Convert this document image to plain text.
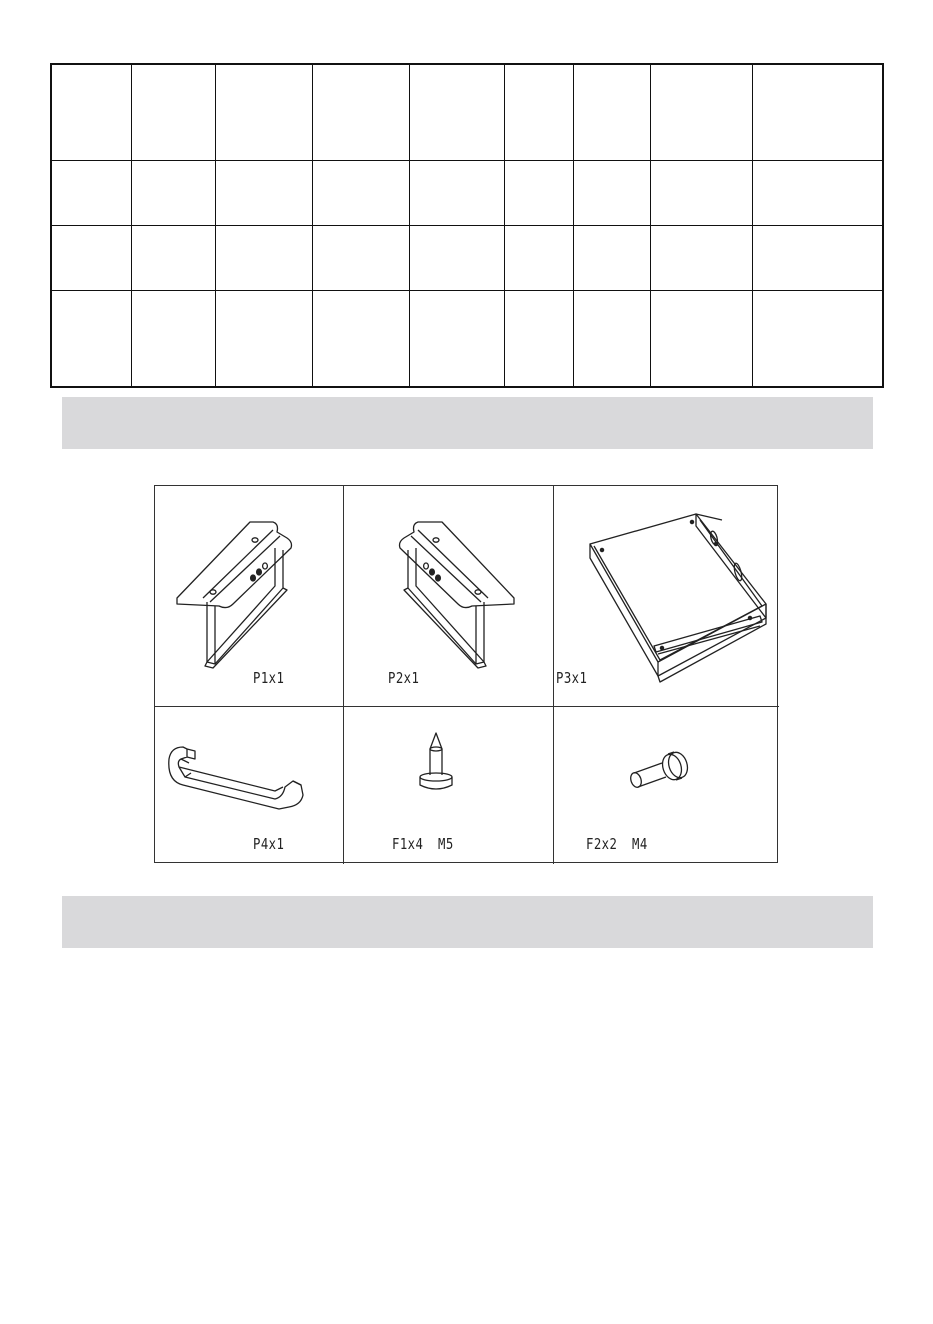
P1x1	P2x1	P3x1
P4x1	F1x4 M5	F2x2 M4
